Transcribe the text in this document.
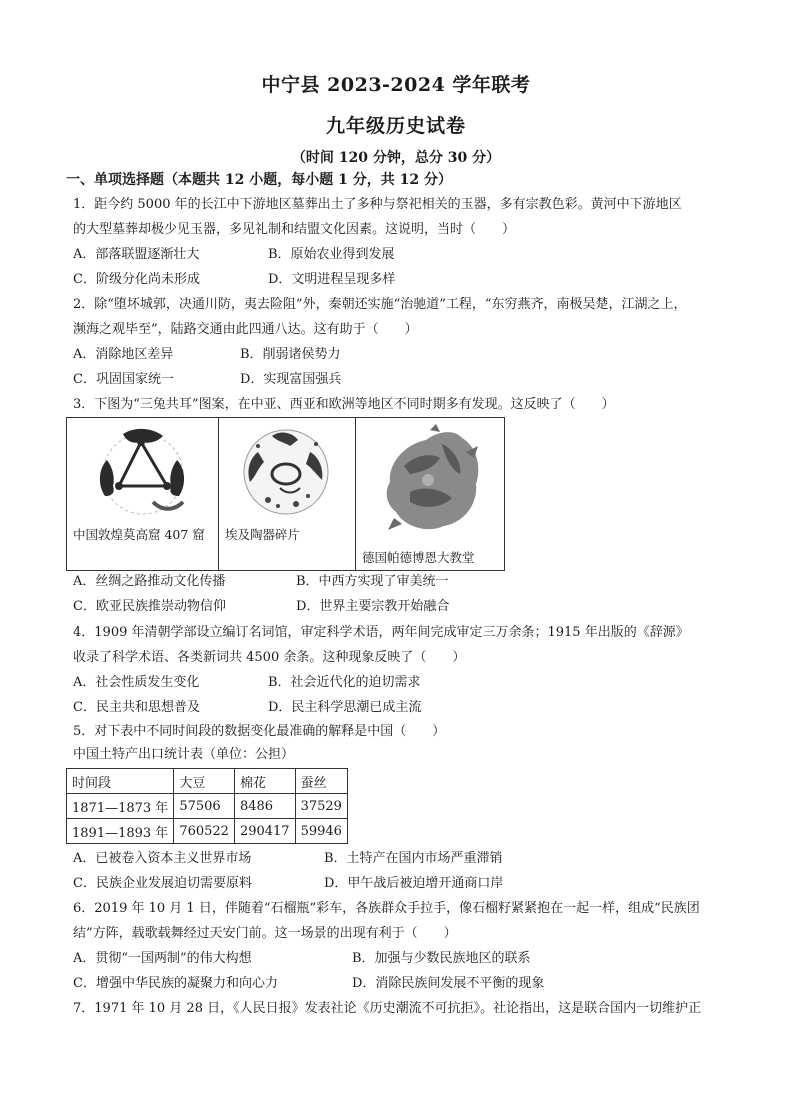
中宁县 2023-2024 学年联考
九年级历史试卷
（时间 120 分钟，总分 30 分）
一、单项选择题（本题共 12 小题，每小题 1 分，共 12 分）
1．距今约 5000 年的长江中下游地区墓葬出土了多种与祭祀相关的玉器，多有宗教色彩。黄河中下游地区
的大型墓葬却极少见玉器，多见礼制和结盟文化因素。这说明，当时（　　）
A．部落联盟逐渐壮大	B．原始农业得到发展
C．阶级分化尚未形成	D．文明进程呈现多样
2．除“堕坏城郭，决通川防，夷去险阻”外，秦朝还实施“治驰道”工程，“东穷燕齐，南极吴楚，江湖之上，
濒海之观毕至”，陆路交通由此四通八达。这有助于（　　）
A．消除地区差异	B．削弱诸侯势力
C．巩固国家统一	D．实现富国强兵
3．下图为“三兔共耳”图案，在中亚、西亚和欧洲等地区不同时期多有发现。这反映了（　　）
中国敦煌莫高窟 407 窟 埃及陶器碎片
德国帕德博恩大教堂
A．丝绸之路推动文化传播	B．中西方实现了审美统一
C．欧亚民族推崇动物信仰	D．世界主要宗教开始融合
4．1909 年清朝学部设立编订名词馆，审定科学术语，两年间完成审定三万余条；1915 年出版的《辞源》
收录了科学术语、各类新词共 4500 余条。这种现象反映了（　　）
A．社会性质发生变化	B．社会近代化的迫切需求
C．民主共和思想普及	D．民主科学思潮已成主流
5．对下表中不同时间段的数据变化最准确的解释是中国（　　）
中国土特产出口统计表（单位：公担）
时间段	大豆	棉花	蚕丝
1871—1873 年	57506	8486	37529
1891—1893 年	760522	290417	59946
A．已被卷入资本主义世界市场	B．土特产在国内市场严重滞销
C．民族企业发展迫切需要原料	D．甲午战后被迫增开通商口岸
6．2019 年 10 月 1 日，伴随着“石榴瓶”彩车，各族群众手拉手，像石榴籽紧紧抱在一起一样，组成“民族团
结”方阵，载歌载舞经过天安门前。这一场景的出现有利于（　　）
A．贯彻“一国两制”的伟大构想	B．加强与少数民族地区的联系
C．增强中华民族的凝聚力和向心力	D．消除民族间发展不平衡的现象
7．1971 年 10 月 28 日，《人民日报》发表社论《历史潮流不可抗拒》。社论指出，这是联合国内一切维护正
